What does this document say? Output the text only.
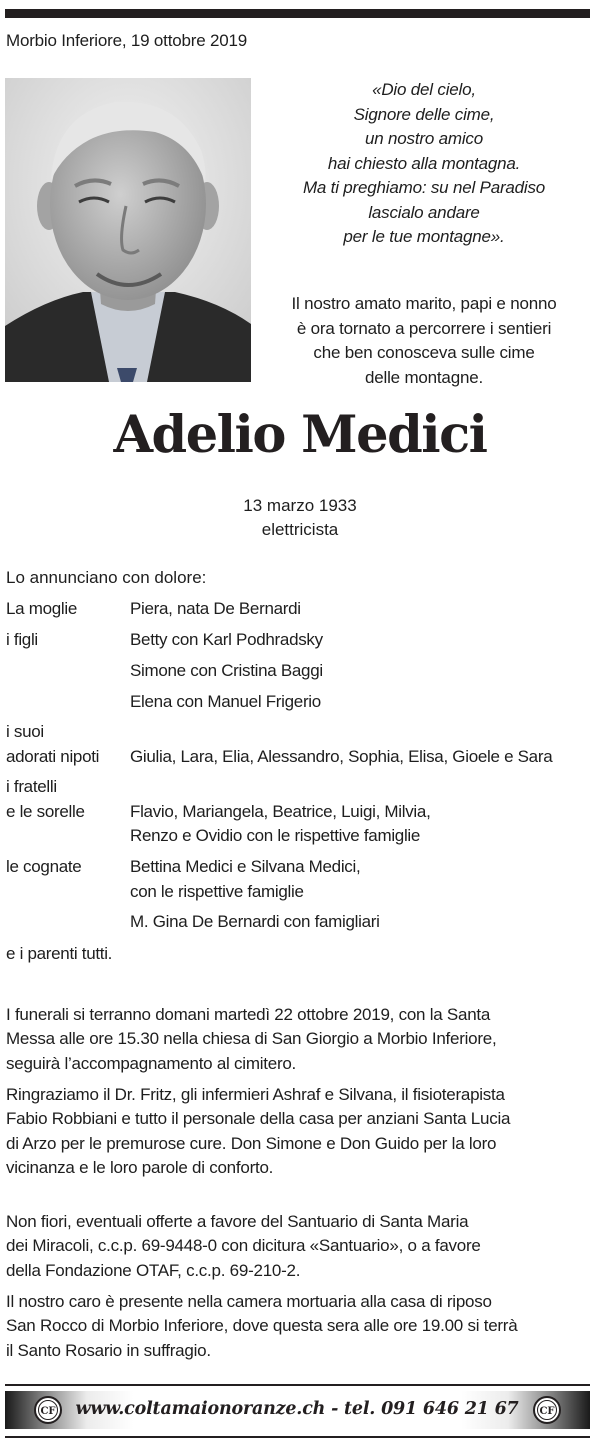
Morbio Inferiore, 19 ottobre 2019
«Dio del cielo,
Signore delle cime,
un nostro amico
hai chiesto alla montagna.
Ma ti preghiamo: su nel Paradiso
lascialo andare
per le tue montagne».
Il nostro amato marito, papi e nonno
è ora tornato a percorrere i sentieri
che ben conosceva sulle cime
delle montagne.
Adelio Medici
13 marzo 1933
elettricista
Lo annunciano con dolore:
La moglie	Piera, nata De Bernardi
i figli	Betty con Karl Podhradsky
Simone con Cristina Baggi
Elena con Manuel Frigerio
i suoi
adorati nipoti	Giulia, Lara, Elia, Alessandro, Sophia, Elisa, Gioele e Sara
i fratelli
e le sorelle	Flavio, Mariangela, Beatrice, Luigi, Milvia,
Renzo e Ovidio con le rispettive famiglie
le cognate	Bettina Medici e Silvana Medici,
con le rispettive famiglie
M. Gina De Bernardi con famigliari
e i parenti tutti.
I funerali si terranno domani martedì 22 ottobre 2019, con la Santa
Messa alle ore 15.30 nella chiesa di San Giorgio a Morbio Inferiore,
seguirà l’accompagnamento al cimitero.
Ringraziamo il Dr. Fritz, gli infermieri Ashraf e Silvana, il fisioterapista
Fabio Robbiani e tutto il personale della casa per anziani Santa Lucia
di Arzo per le premurose cure. Don Simone e Don Guido per la loro
vicinanza e le loro parole di conforto.
Non fiori, eventuali offerte a favore del Santuario di Santa Maria
dei Miracoli, c.c.p. 69-9448-0 con dicitura «Santuario», o a favore
della Fondazione OTAF, c.c.p. 69-210-2.
Il nostro caro è presente nella camera mortuaria alla casa di riposo
San Rocco di Morbio Inferiore, dove questa sera alle ore 19.00 si terrà
il Santo Rosario in suffragio.
CF	www.coltamaionoranze.ch - tel. 091 646 21 67	CF
